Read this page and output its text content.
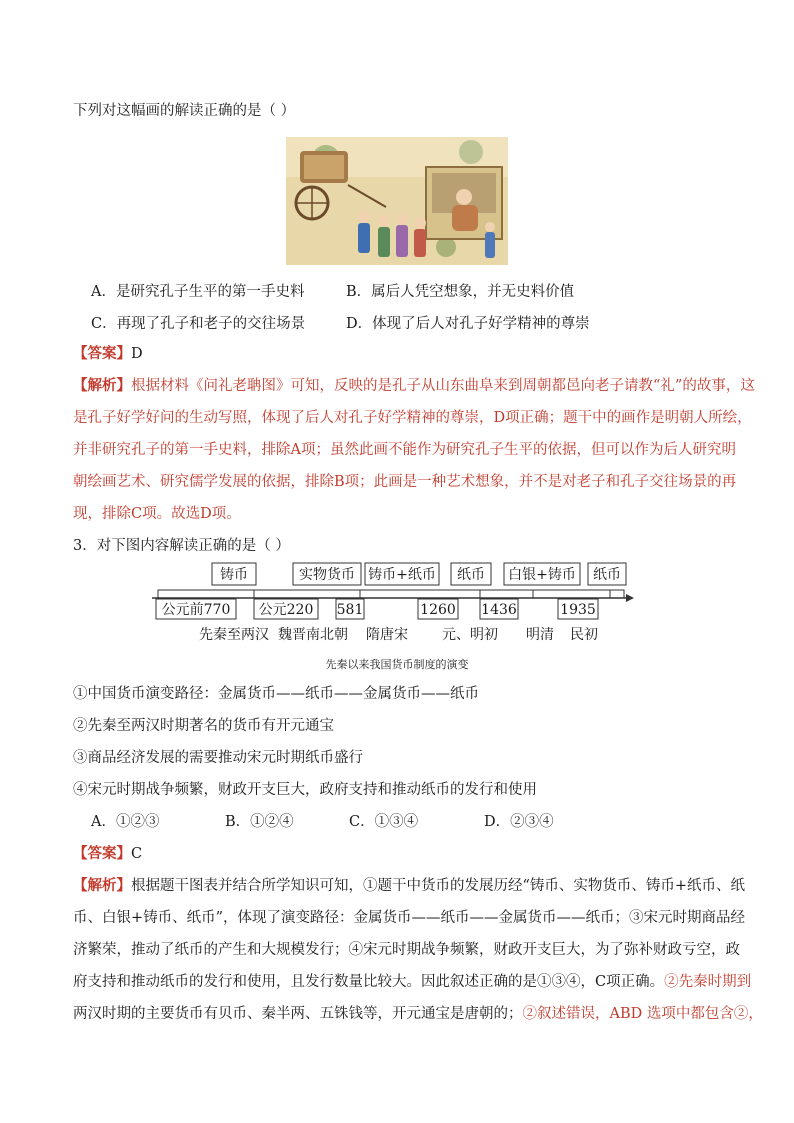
下列对这幅画的解读正确的是（ ）
A．是研究孔子生平的第一手史料	B．属后人凭空想象，并无史料价值
C．再现了孔子和老子的交往场景	D．体现了后人对孔子好学精神的尊崇
【答案】D
【解析】根据材料《问礼老聃图》可知，反映的是孔子从山东曲阜来到周朝都邑向老子请教“礼”的故事，这
是孔子好学好问的生动写照，体现了后人对孔子好学精神的尊崇，D项正确；题干中的画作是明朝人所绘，
并非研究孔子的第一手史料，排除A项；虽然此画不能作为研究孔子生平的依据，但可以作为后人研究明
朝绘画艺术、研究儒学发展的依据，排除B项；此画是一种艺术想象，并不是对老子和孔子交往场景的再
现，排除C项。故选D项。
3．对下图内容解读正确的是（ ）
铸币	实物货币 铸币+纸币 纸币 白银+铸币 纸币
公元前770 公元220 581	1260 1436	1935
先秦至两汉 魏晋南北朝 隋唐宋 元、明初 明清 民初
先秦以来我国货币制度的演变
①中国货币演变路径：金属货币——纸币——金属货币——纸币
②先秦至两汉时期著名的货币有开元通宝
③商品经济发展的需要推动宋元时期纸币盛行
④宋元时期战争频繁，财政开支巨大，政府支持和推动纸币的发行和使用
A．①②③	B．①②④	C．①③④	D．②③④
【答案】C
【解析】根据题干图表并结合所学知识可知，①题干中货币的发展历经“铸币、实物货币、铸币+纸币、纸
币、白银+铸币、纸币”，体现了演变路径：金属货币——纸币——金属货币——纸币；③宋元时期商品经
济繁荣，推动了纸币的产生和大规模发行；④宋元时期战争频繁，财政开支巨大，为了弥补财政亏空，政
府支持和推动纸币的发行和使用，且发行数量比较大。因此叙述正确的是①③④，C项正确。②先秦时期到
两汉时期的主要货币有贝币、秦半两、五铢钱等，开元通宝是唐朝的；②叙述错误，ABD 选项中都包含②，
